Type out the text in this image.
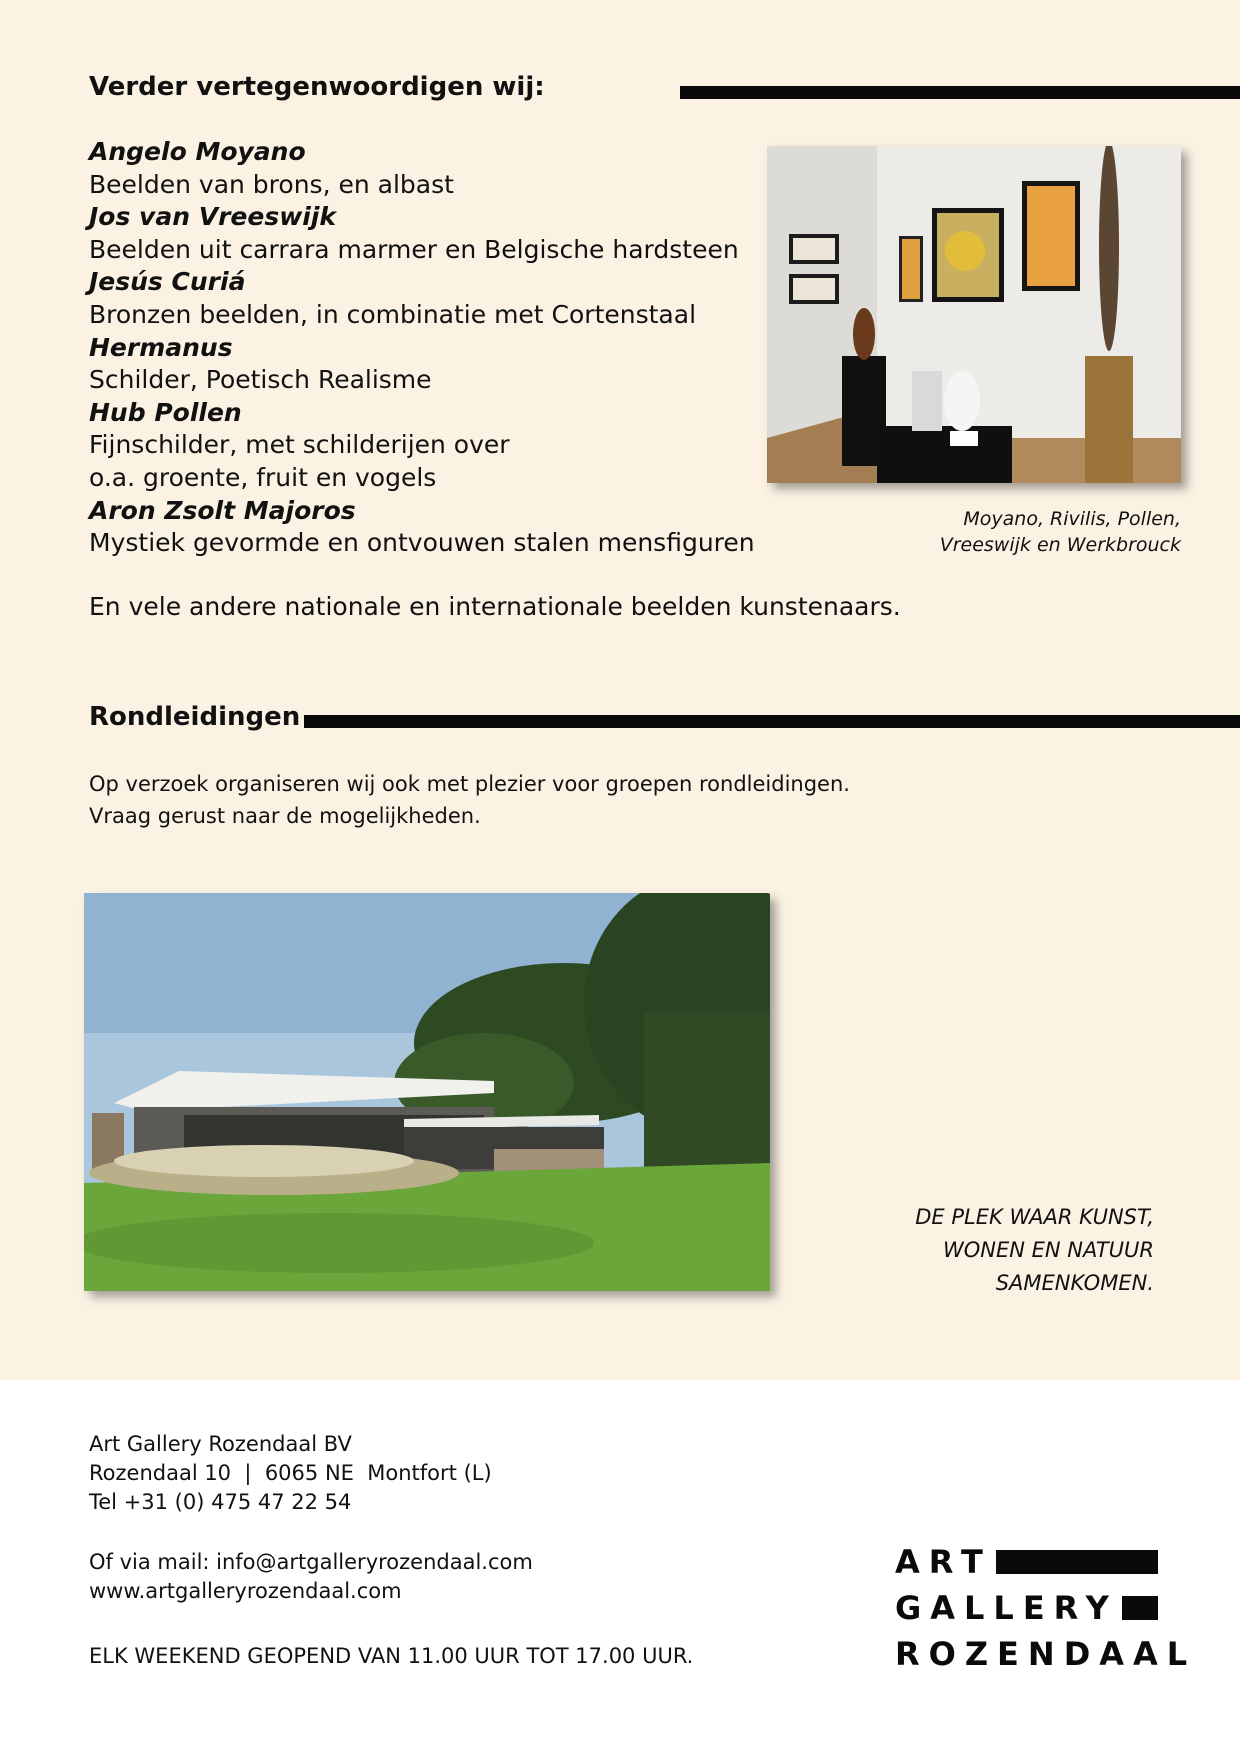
Verder vertegenwoordigen wij:
Angelo Moyano
Beelden van brons, en albast
Jos van Vreeswijk
Beelden uit carrara marmer en Belgische hardsteen
Jesús Curiá
Bronzen beelden, in combinatie met Cortenstaal
Hermanus
Schilder, Poetisch Realisme
Hub Pollen
Fijnschilder, met schilderijen over
o.a. groente, fruit en vogels
Aron Zsolt Majoros
Mystiek gevormde en ontvouwen stalen mensfiguren
En vele andere nationale en internationale beelden kunstenaars.
Moyano, Rivilis, Pollen,
Vreeswijk en Werkbrouck
Rondleidingen
Op verzoek organiseren wij ook met plezier voor groepen rondleidingen.
Vraag gerust naar de mogelijkheden.
DE PLEK WAAR KUNST,
WONEN EN NATUUR
SAMENKOMEN.
Art Gallery Rozendaal BV
Rozendaal 10  |  6065 NE  Montfort (L)
Tel +31 (0) 475 47 22 54
Of via mail: info@artgalleryrozendaal.com
www.artgalleryrozendaal.com
ELK WEEKEND GEOPEND VAN 11.00 UUR TOT 17.00 UUR.
ART
GALLERY
ROZENDAAL
